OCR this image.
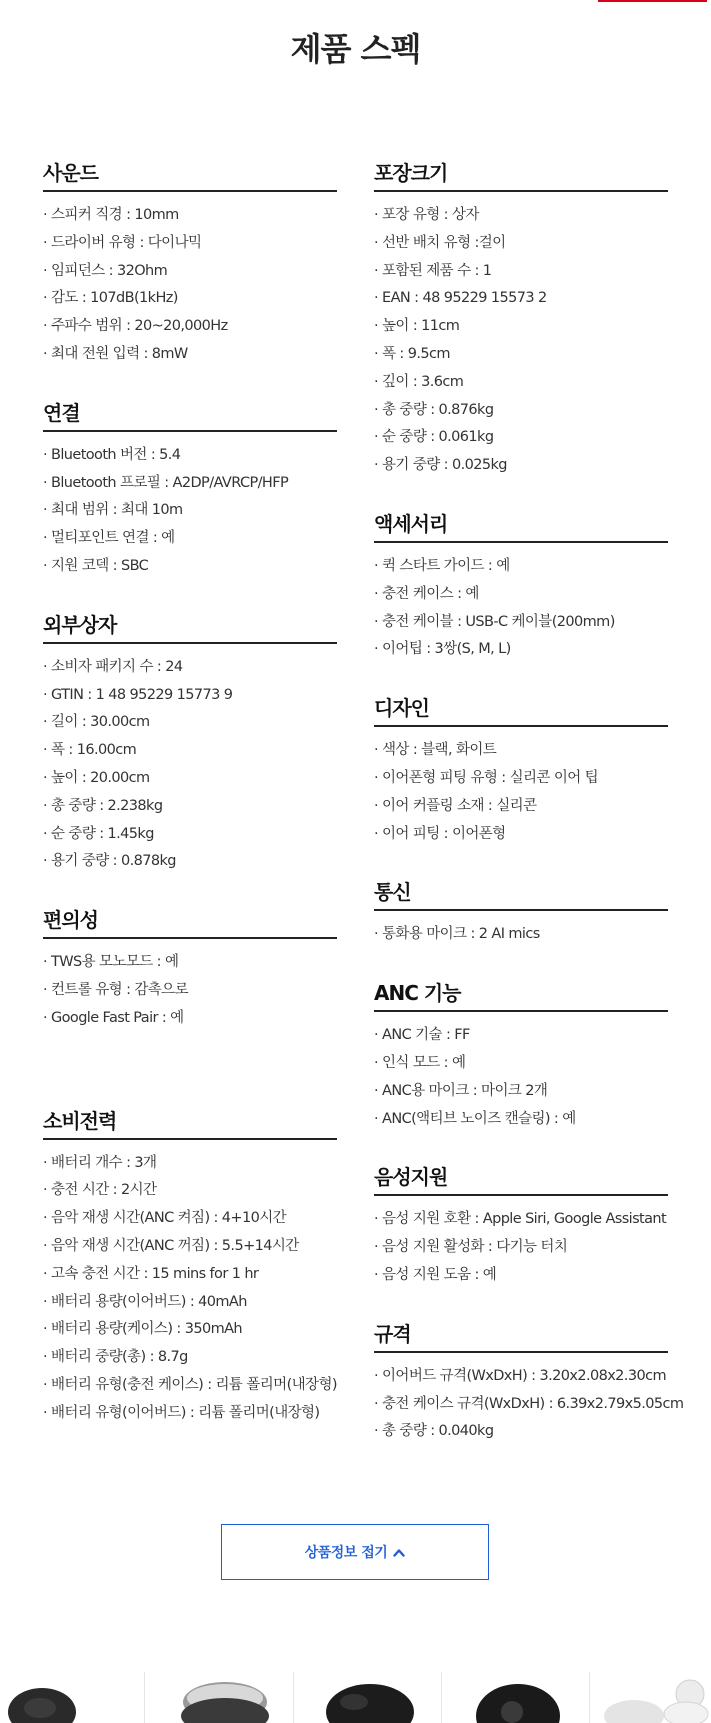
제품 스펙
사운드
· 스피커 직경 : 10mm
· 드라이버 유형 : 다이나믹
· 임피던스 : 32Ohm
· 감도 : 107dB(1kHz)
· 주파수 범위 : 20~20,000Hz
· 최대 전원 입력 : 8mW
연결
· Bluetooth 버전 : 5.4
· Bluetooth 프로필 : A2DP/AVRCP/HFP
· 최대 범위 : 최대 10m
· 멀티포인트 연결 : 예
· 지원 코덱 : SBC
외부상자
· 소비자 패키지 수 : 24
· GTIN : 1 48 95229 15773 9
· 길이 : 30.00cm
· 폭 : 16.00cm
· 높이 : 20.00cm
· 총 중량 : 2.238kg
· 순 중량 : 1.45kg
· 용기 중량 : 0.878kg
편의성
· TWS용 모노모드 : 예
· 컨트롤 유형 : 감촉으로
· Google Fast Pair : 예
소비전력
· 배터리 개수 : 3개
· 충전 시간 : 2시간
· 음악 재생 시간(ANC 켜짐) : 4+10시간
· 음악 재생 시간(ANC 꺼짐) : 5.5+14시간
· 고속 충전 시간 : 15 mins for 1 hr
· 배터리 용량(이어버드) : 40mAh
· 배터리 용량(케이스) : 350mAh
· 배터리 중량(총) : 8.7g
· 배터리 유형(충전 케이스) : 리튬 폴리머(내장형)
· 배터리 유형(이어버드) : 리튬 폴리머(내장형)
포장크기
· 포장 유형 : 상자
· 선반 배치 유형 :걸이
· 포함된 제품 수 : 1
· EAN : 48 95229 15573 2
· 높이 : 11cm
· 폭 : 9.5cm
· 깊이 : 3.6cm
· 총 중량 : 0.876kg
· 순 중량 : 0.061kg
· 용기 중량 : 0.025kg
액세서리
· 퀵 스타트 가이드 : 예
· 충전 케이스 : 예
· 충전 케이블 : USB-C 케이블(200mm)
· 이어팁 : 3쌍(S, M, L)
디자인
· 색상 : 블랙, 화이트
· 이어폰형 피팅 유형 : 실리콘 이어 팁
· 이어 커플링 소재 : 실리콘
· 이어 피팅 : 이어폰형
통신
· 통화용 마이크 : 2 AI mics
ANC 기능
· ANC 기술 : FF
· 인식 모드 : 예
· ANC용 마이크 : 마이크 2개
· ANC(액티브 노이즈 캔슬링) : 예
음성지원
· 음성 지원 호환 : Apple Siri, Google Assistant
· 음성 지원 활성화 : 다기능 터치
· 음성 지원 도움 : 예
규격
· 이어버드 규격(WxDxH) : 3.20x2.08x2.30cm
· 충전 케이스 규격(WxDxH) : 6.39x2.79x5.05cm
· 총 중량 : 0.040kg
상품정보 접기
